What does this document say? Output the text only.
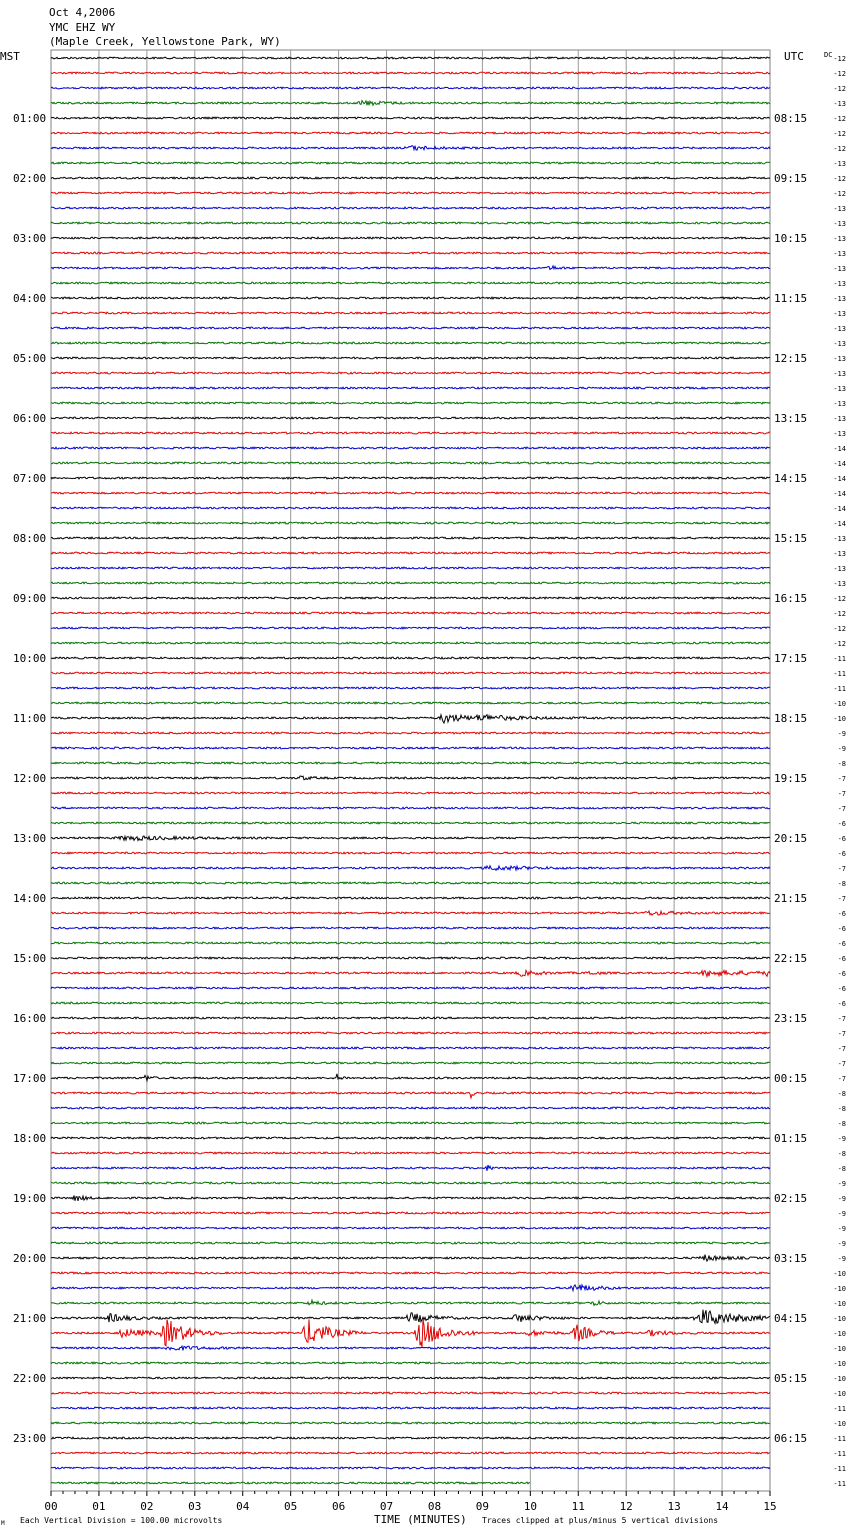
Oct 4,2006
YMC EHZ WY
(Maple Creek, Yellowstone Park, WY)
MST	UTC	DC
01:00
02:00
03:00
04:00
05:00
06:00
07:00
08:00
09:00
10:00
11:00
12:00
13:00
14:00
15:00
16:00
17:00
18:00
19:00
20:00
21:00
22:00
23:00
08:15
09:15
10:15
11:15
12:15
13:15
14:15
15:15
16:15
17:15
18:15
19:15
20:15
21:15
22:15
23:15
00:15
01:15
02:15
03:15
04:15
05:15
06:15
-12
-12
-12
-13
-12
-12
-12
-13
-12
-12
-13
-13
-13
-13
-13
-13
-13
-13
-13
-13
-13
-13
-13
-13
-13
-13
-14
-14
-14
-14
-14
-14
-13
-13
-13
-13
-12
-12
-12
-12
-11
-11
-11
-10
-10
-9
-9
-8
-7
-7
-7
-6
-6
-6
-7
-8
-7
-6
-6
-6
-6
-6
-6
-6
-7
-7
-7
-7
-7
-8
-8
-8
-9
-8
-8
-9
-9
-9
-9
-9
-9
-10
-10
-10
-10
-10
-10
-10
-10
-10
-11
-10
-11
-11
-11
-11
00	01	02	03	04	05	06	07	08	09	10	11	12	13	14	15
TIME (MINUTES)
Each Vertical Division = 100.00 microvolts	Traces clipped at plus/minus 5 vertical divisions
M
